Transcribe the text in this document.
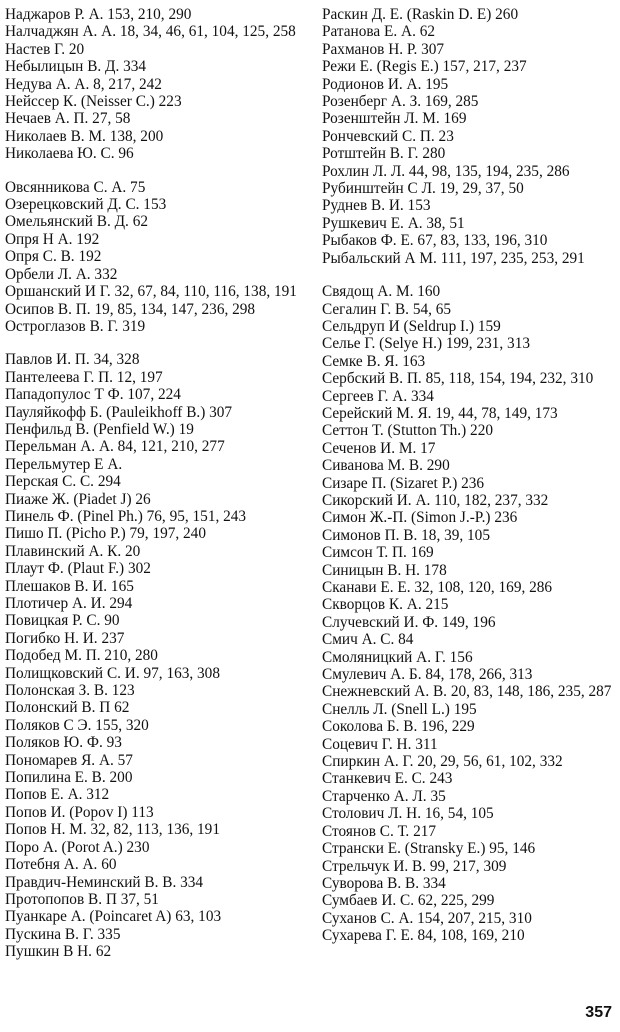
Наджаров Р. А. 153, 210, 290
Налчаджян А. А. 18, 34, 46, 61, 104, 125, 258
Настев Г. 20
Небылицын В. Д. 334
Недува А. А. 8, 217, 242
Нейссер К. (Neisser C.) 223
Нечаев А. П. 27, 58
Николаев В. М. 138, 200
Николаева Ю. С. 96
Овсянникова С. А. 75
Озерецковский Д. С. 153
Омельянский В. Д. 62
Опря Н А. 192
Опря С. В. 192
Орбели Л. А. 332
Оршанский И Г. 32, 67, 84, 110, 116, 138, 191
Осипов В. П. 19, 85, 134, 147, 236, 298
Остроглазов В. Г. 319
Павлов И. П. 34, 328
Пантелеева Г. П. 12, 197
Пападопулос Т Ф. 107, 224
Пауляйкофф Б. (Pauleikhoff B.) 307
Пенфильд В. (Penfield W.) 19
Перельман А. А. 84, 121, 210, 277
Перельмутер Е А.
Перская С. С. 294
Пиаже Ж. (Piadet J) 26
Пинель Ф. (Pinel Ph.) 76, 95, 151, 243
Пишо П. (Picho P.) 79, 197, 240
Плавинский А. К. 20
Плаут Ф. (Plaut F.) 302
Плешаков В. И. 165
Плотичер А. И. 294
Повицкая Р. С. 90
Погибко Н. И. 237
Подобед М. П. 210, 280
Полищковский С. И. 97, 163, 308
Полонская З. В. 123
Полонский В. П 62
Поляков С Э. 155, 320
Поляков Ю. Ф. 93
Пономарев Я. А. 57
Попилина Е. В. 200
Попов Е. А. 312
Попов И. (Popov I) 113
Попов Н. М. 32, 82, 113, 136, 191
Поро А. (Porot A.) 230
Потебня А. А. 60
Правдич-Неминский В. В. 334
Протопопов В. П 37, 51
Пуанкаре А. (Poincaret A) 63, 103
Пускина В. Г. 335
Пушкин В Н. 62
Раскин Д. Е. (Raskin D. E) 260
Ратанова Е. А. 62
Рахманов Н. Р. 307
Режи Е. (Regis E.) 157, 217, 237
Родионов И. А. 195
Розенберг А. З. 169, 285
Розенштейн Л. М. 169
Рончевский С. П. 23
Ротштейн В. Г. 280
Рохлин Л. Л. 44, 98, 135, 194, 235, 286
Рубинштейн С Л. 19, 29, 37, 50
Руднев В. И. 153
Рушкевич Е. А. 38, 51
Рыбаков Ф. Е. 67, 83, 133, 196, 310
Рыбальский А М. 111, 197, 235, 253, 291
Свядощ А. М. 160
Сегалин Г. В. 54, 65
Сельдруп И (Seldrup I.) 159
Селье Г. (Selye H.) 199, 231, 313
Семке В. Я. 163
Сербский В. П. 85, 118, 154, 194, 232, 310
Сергеев Г. А. 334
Серейский М. Я. 19, 44, 78, 149, 173
Сеттон Т. (Stutton Th.) 220
Сеченов И. М. 17
Сиванова М. В. 290
Сизаре П. (Sizaret P.) 236
Сикорский И. А. 110, 182, 237, 332
Симон Ж.-П. (Simon J.-P.) 236
Симонов П. В. 18, 39, 105
Симсон Т. П. 169
Синицын В. Н. 178
Сканави Е. Е. 32, 108, 120, 169, 286
Скворцов К. А. 215
Случевский И. Ф. 149, 196
Смич А. С. 84
Смоляницкий А. Г. 156
Смулевич А. Б. 84, 178, 266, 313
Снежневский А. В. 20, 83, 148, 186, 235, 287
Снелль Л. (Snell L.) 195
Соколова Б. В. 196, 229
Соцевич Г. Н. 311
Спиркин А. Г. 20, 29, 56, 61, 102, 332
Станкевич Е. С. 243
Старченко А. Л. 35
Столович Л. Н. 16, 54, 105
Стоянов С. Т. 217
Странски Е. (Stransky E.) 95, 146
Стрельчук И. В. 99, 217, 309
Суворова В. В. 334
Сумбаев И. С. 62, 225, 299
Суханов С. А. 154, 207, 215, 310
Сухарева Г. Е. 84, 108, 169, 210
357
